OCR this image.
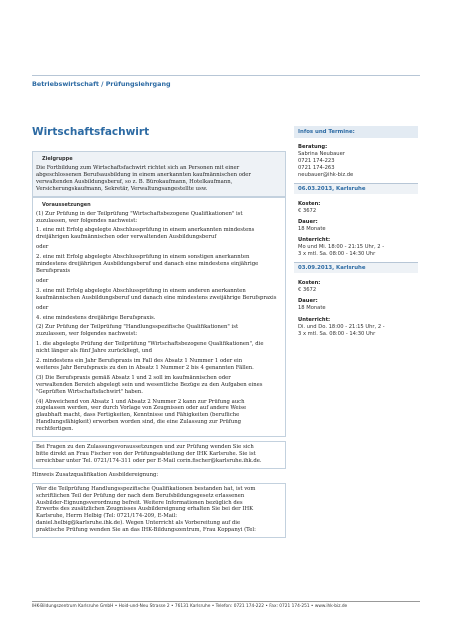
Betriebswirtschaft / Prüfungslehrgang
Wirtschaftsfachwirt
Zielgruppe
Die Fortbildung zum Wirtschaftsfachwirt richtet sich an Personen mit einer
abgeschlossenen Berufsausbildung in einem anerkannten kaufmännischen oder
verwaltenden Ausbildungsberuf, so z. B. Bürokaufmann, Hotelkaufmann,
Versicherungskaufmann, Sekretär, Verwaltungsangestellte usw.
Voraussetzungen
(1) Zur Prüfung in der Teilprüfung "Wirtschaftsbezogene Qualifikationen" ist
zuzulassen, wer folgendes nachweist:
1. eine mit Erfolg abgelegte Abschlussprüfung in einem anerkannten mindestens
dreijährigen kaufmännischen oder verwaltenden Ausbildungsberuf
oder
2. eine mit Erfolg abgelegte Abschlussprüfung in einem sonstigen anerkannten
mindestens dreijährigen Ausbildungsberuf und danach eine mindestens einjährige
Berufspraxis
oder
3. eine mit Erfolg abgelegte Abschlussprüfung in einem anderen anerkannten
kaufmännischen Ausbildungsberuf und danach eine mindestens zweijährige Berufspraxis
oder
4. eine mindestens dreijährige Berufspraxis.
(2) Zur Prüfung der Teilprüfung "Handlungsspezifische Qualifikationen" ist
zuzulassen, wer folgendes nachweist:
1. die abgelegte Prüfung der Teilprüfung "Wirtschaftsbezogene Qualifikationen", die
nicht länger als fünf Jahre zurückliegt, und
2. mindestens ein Jahr Berufspraxis im Fall des Absatz 1 Nummer 1 oder ein
weiteres Jahr Berufspraxis zu den in Absatz 1 Nummer 2 bis 4 genannten Fällen.
(3) Die Berufspraxis gemäß Absatz 1 und 2 soll im kaufmännischen oder
verwaltenden Bereich abgelegt sein und wesentliche Bezüge zu den Aufgaben eines
"Geprüften Wirtschaftsfachwirt" haben.
(4) Abweichend von Absatz 1 und Absatz 2 Nummer 2 kann zur Prüfung auch
zugelassen werden, wer durch Vorlage von Zeugnissen oder auf andere Weise
glaubhaft macht, dass Fertigkeiten, Kenntnisse und Fähigkeiten (berufliche
Handlungsfähigkeit) erworben worden sind, die eine Zulassung zur Prüfung
rechtfertigen.
Bei Fragen zu den Zulassungsvoraussetzungen und zur Prüfung wenden Sie sich
bitte direkt an Frau Fischer von der Prüfungsabteilung der IHK Karlsruhe. Sie ist
erreichbar unter Tel. 0721/174-311 oder per E-Mail corin.fischer@karlsruhe.ihk.de.
Hinweis Zusatzqualifikation Ausbildereignung:
Wer die Teilprüfung Handlungsspezifische Qualifikationen bestanden hat, ist vom
schriftlichen Teil der Prüfung der nach dem Berufsbildungsgesetz erlassenen
Ausbilder-Eignungsverordnung befreit. Weitere Informationen bezüglich des
Erwerbs des zusätzlichen Zeugnisses Ausbildereignung erhalten Sie bei der IHK
Karlsruhe, Herrn Helbig (Tel: 0721/174-209, E-Mail:
daniel.helbig@karlsruhe.ihk.de). Wegen Unterricht als Vorbereitung auf die
praktische Prüfung wenden Sie an das IHK-Bildungszentrum, Frau Koppanyi (Tel:
Infos und Termine:
Beratung:
Sabrina Neubauer
0721 174-223
0721 174-263
neubauer@ihk-biz.de
06.03.2013, Karlsruhe
Kosten:
€ 3672
Dauer:
18 Monate
Unterricht:
Mo und Mi. 18:00 - 21:15 Uhr, 2 -
3 x mtl. Sa. 08:00 - 14:30 Uhr
03.09.2013, Karlsruhe
Kosten:
€ 3672
Dauer:
18 Monate
Unterricht:
Di. und Do. 18:00 - 21:15 Uhr, 2 -
3 x mtl. Sa. 08:00 - 14:30 Uhr
IHK-Bildungszentrum Karlsruhe GmbH • Hoid-und-Neu Strasse 2 • 76131 Karlsruhe • Telefon: 0721 174-222 • Fax: 0721 174-251 • www.ihk-biz.de
